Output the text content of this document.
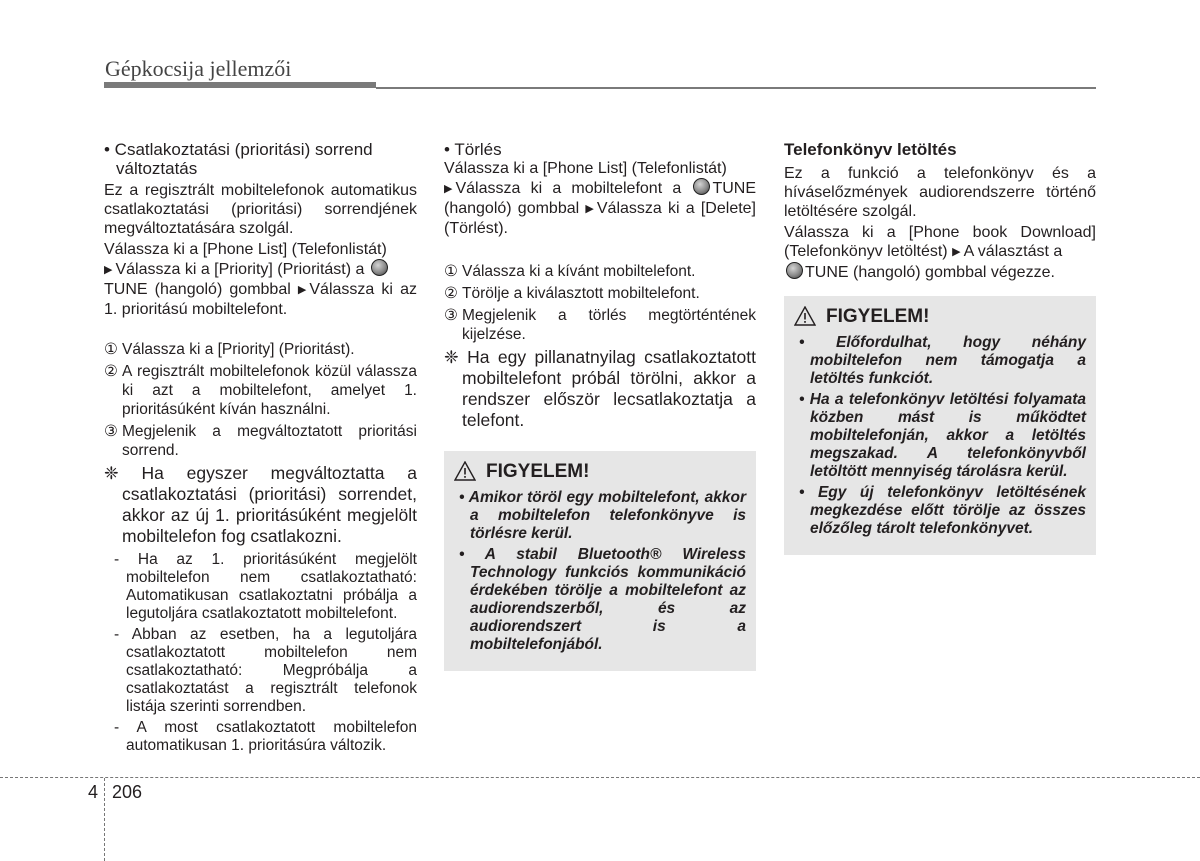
Gépkocsija jellemzői

• Csatlakoztatási (prioritási) sorrend változtatás

Ez a regisztrált mobiltelefonok automatikus csatlakoztatási (prioritási) sorrendjének megváltoztatására szolgál.

Válassza ki a [Phone List] (Telefonlistát)
▶ Válassza ki a [Priority] (Prioritást) a
TUNE (hangoló) gombbal ▶ Válassza ki az 1. prioritású mobiltelefont.

① Válassza ki a [Priority] (Prioritást).
② A regisztrált mobiltelefonok közül válassza ki azt a mobiltelefont, amelyet 1. prioritásúként kíván használni.
③ Megjelenik a megváltoztatott prioritási sorrend.

❈ Ha egyszer megváltoztatta a csatlakoztatási (prioritási) sorrendet, akkor az új 1. prioritásúként megjelölt mobiltelefon fog csatlakozni.

- Ha az 1. prioritásúként megjelölt mobiltelefon nem csatlakoztatható: Automatikusan csatlakoztatni próbálja a legutoljára csatlakoztatott mobiltelefont.
- Abban az esetben, ha a legutoljára csatlakoztatott mobiltelefon nem csatlakoztatható: Megpróbálja a csatlakoztatást a regisztrált telefonok listája szerinti sorrendben.
- A most csatlakoztatott mobiltelefon automatikusan 1. prioritásúra változik.

• Törlés

Válassza ki a [Phone List] (Telefonlistát)
▶ Válassza ki a mobiltelefont a TUNE (hangoló) gombbal ▶ Válassza ki a [Delete] (Törlést).

① Válassza ki a kívánt mobiltelefont.
② Törölje a kiválasztott mobiltelefont.
③ Megjelenik a törlés megtörténtének kijelzése.

❈ Ha egy pillanatnyilag csatlakoztatott mobiltelefont próbál törölni, akkor a rendszer először lecsatlakoztatja a telefont.

FIGYELEM!
• Amikor töröl egy mobiltelefont, akkor a mobiltelefon telefonkönyve is törlésre kerül.
• A stabil Bluetooth® Wireless Technology funkciós kommunikáció érdekében törölje a mobiltelefont az audiorendszerből, és az audiorendszert is a mobiltelefonjából.

Telefonkönyv letöltés

Ez a funkció a telefonkönyv és a híváselőzmények audiorendszerre történő letöltésére szolgál.

Válassza ki a [Phone book Download] (Telefonkönyv letöltést) ▶ A választást a
TUNE (hangoló) gombbal végezze.

FIGYELEM!
• Előfordulhat, hogy néhány mobiltelefon nem támogatja a letöltés funkciót.
• Ha a telefonkönyv letöltési folyamata közben mást is működtet mobiltelefonján, akkor a letöltés megszakad. A telefonkönyvből letöltött mennyiség tárolásra kerül.
• Egy új telefonkönyv letöltésének megkezdése előtt törölje az összes előzőleg tárolt telefonkönyvet.
4 206
